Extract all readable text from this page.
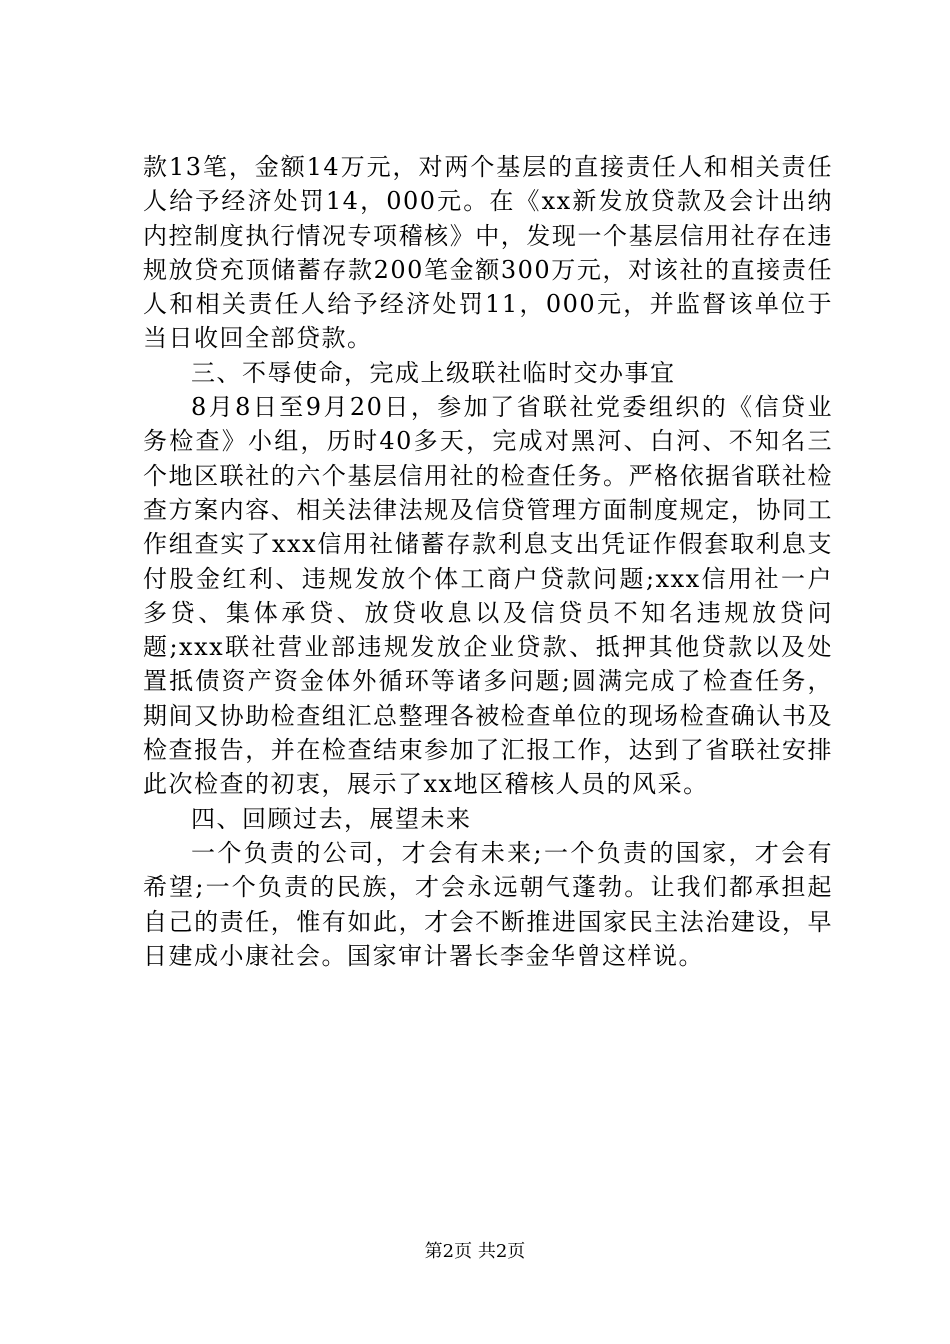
款13笔，金额14万元，对两个基层的直接责任人和相关责任人给予经济处罚14，000元。在《xx新发放贷款及会计出纳内控制度执行情况专项稽核》中，发现一个基层信用社存在违规放贷充顶储蓄存款200笔金额300万元，对该社的直接责任人和相关责任人给予经济处罚11，000元，并监督该单位于当日收回全部贷款。

三、不辱使命，完成上级联社临时交办事宜

8月8日至9月20日，参加了省联社党委组织的《信贷业务检查》小组，历时40多天，完成对黑河、白河、不知名三个地区联社的六个基层信用社的检查任务。严格依据省联社检查方案内容、相关法律法规及信贷管理方面制度规定，协同工作组查实了xxx信用社储蓄存款利息支出凭证作假套取利息支付股金红利、违规发放个体工商户贷款问题;xxx信用社一户多贷、集体承贷、放贷收息以及信贷员不知名违规放贷问题;xxx联社营业部违规发放企业贷款、抵押其他贷款以及处置抵债资产资金体外循环等诸多问题;圆满完成了检查任务，期间又协助检查组汇总整理各被检查单位的现场检查确认书及检查报告，并在检查结束参加了汇报工作，达到了省联社安排此次检查的初衷，展示了xx地区稽核人员的风采。

四、回顾过去，展望未来

一个负责的公司，才会有未来;一个负责的国家，才会有希望;一个负责的民族，才会永远朝气蓬勃。让我们都承担起自己的责任，惟有如此，才会不断推进国家民主法治建设，早日建成小康社会。国家审计署长李金华曾这样说。

第2页 共2页
